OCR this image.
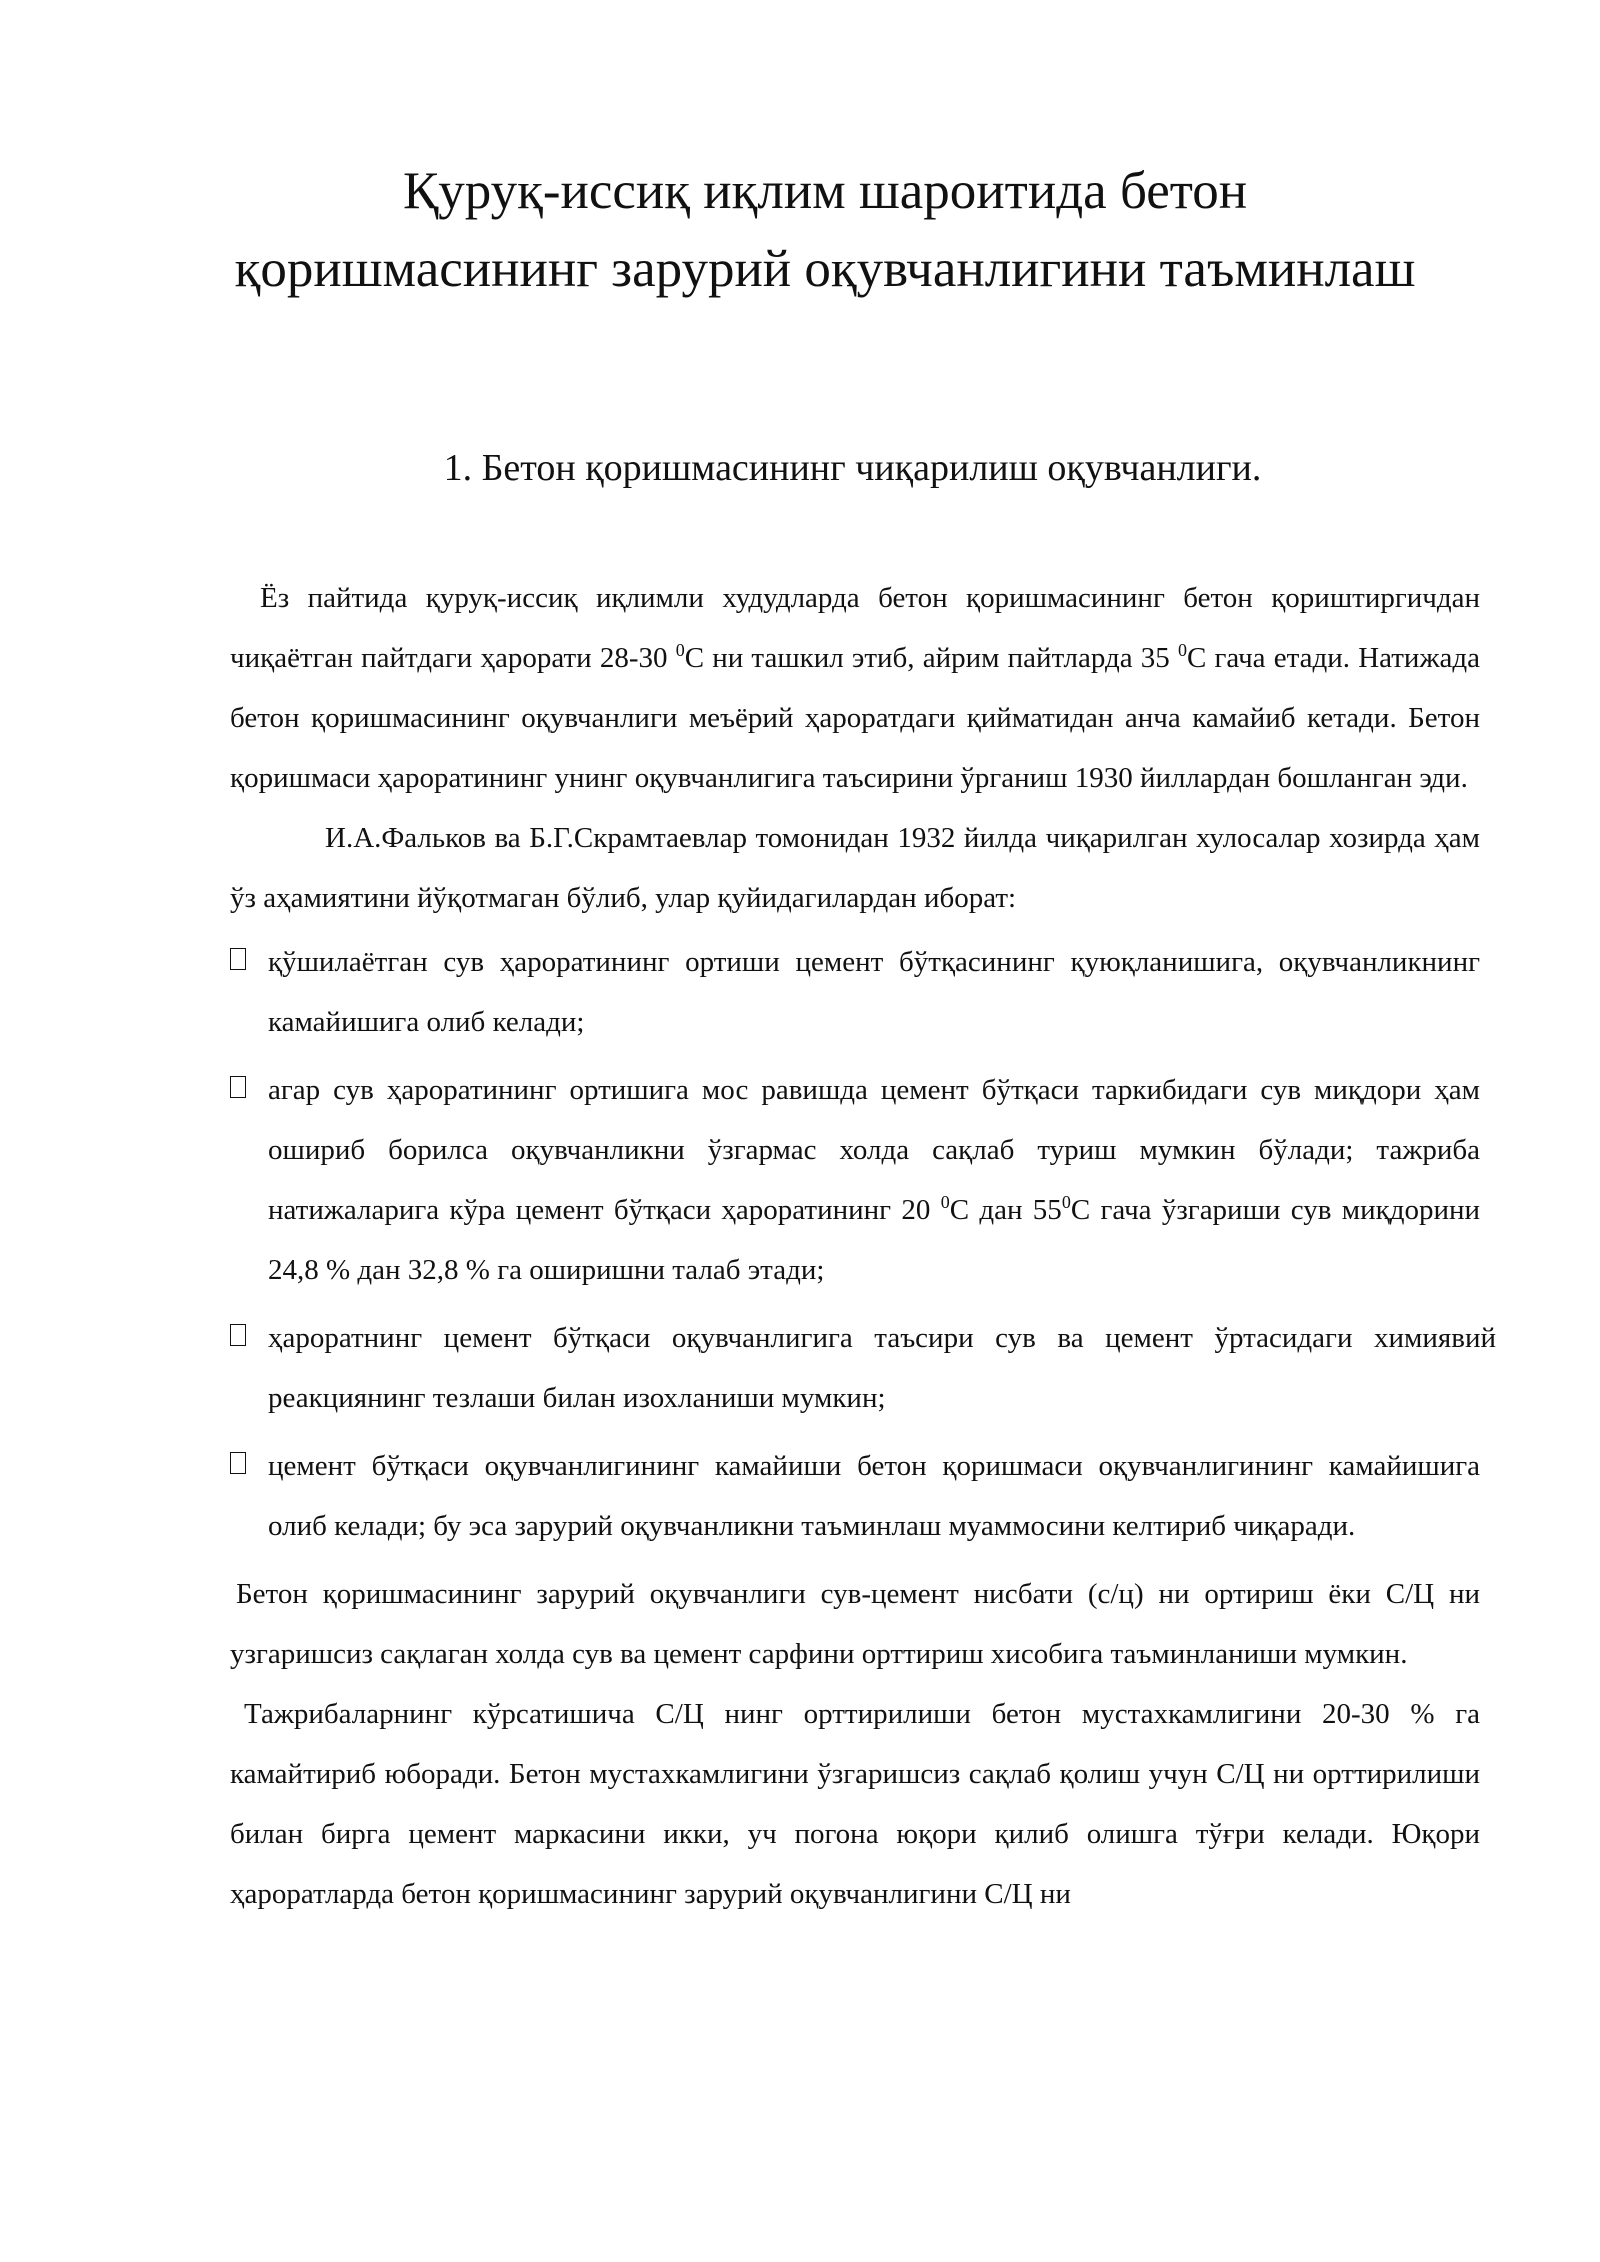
Қуруқ-иссиқ иқлим шароитида бетон қоришмасининг зарурий оқувчанлигини таъминлаш
1. Бетон қоришмасининг чиқарилиш оқувчанлиги.

Ёз пайтида қуруқ-иссиқ иқлимли худудларда бетон қоришмасининг бетон қориштиргичдан чиқаётган пайтдаги ҳарорати 28-30 $^0$С ни ташкил этиб, айрим пайтларда 35 $^0$С гача етади. Натижада бетон қоришмасининг оқувчанлиги меъёрий ҳароратдаги қийматидан анча камайиб кетади. Бетон қоришмаси ҳароратининг унинг оқувчанлигига таъсирини ўрганиш 1930 йиллардан бошланган эди.

И.А.Фальков ва Б.Г.Скрамтаевлар томонидан 1932 йилда чиқарилган хулосалар хозирда ҳам ўз аҳамиятини йўқотмаган бўлиб, улар қуйидагилардан иборат:

қўшилаётган сув ҳароратининг ортиши цемент бўтқасининг қуюқланишига, оқувчанликнинг камайишига олиб келади;
агар сув ҳароратининг ортишига мос равишда цемент бўтқаси таркибидаги сув миқдори ҳам ошириб борилса оқувчанликни ўзгармас холда сақлаб туриш мумкин бўлади; тажриба натижаларига кўра цемент бўтқаси ҳароратининг 20 $^0$С дан $55^0С$ гача ўзгариши сув миқдорини 24,8 % дан 32,8 % га оширишни талаб этади;
ҳароратнинг цемент бўтқаси оқувчанлигига таъсири сув ва цемент ўртасидаги химиявий реакциянинг тезлаши билан изохланиши мумкин;
цемент бўтқаси оқувчанлигининг камайиши бетон қоришмаси оқувчанлигининг камайишига олиб келади; бу эса зарурий оқувчанликни таъминлаш муаммосини келтириб чиқаради.

Бетон қоришмасининг зарурий оқувчанлиги сув-цемент нисбати (с/ц) ни ортириш ёки С/Ц ни узгаришсиз сақлаган холда сув ва цемент сарфини орттириш хисобига таъминланиши мумкин.

Тажрибаларнинг кўрсатишича С/Ц нинг орттирилиши бетон мустахкамлигини 20-30 % га камайтириб юборади. Бетон мустахкамлигини ўзгаришсиз сақлаб қолиш учун С/Ц ни орттирилиши билан бирга цемент маркасини икки, уч погона юқори қилиб олишга тўғри келади. Юқори ҳароратларда бетон қоришмасининг зарурий оқувчанлигини С/Ц ни
